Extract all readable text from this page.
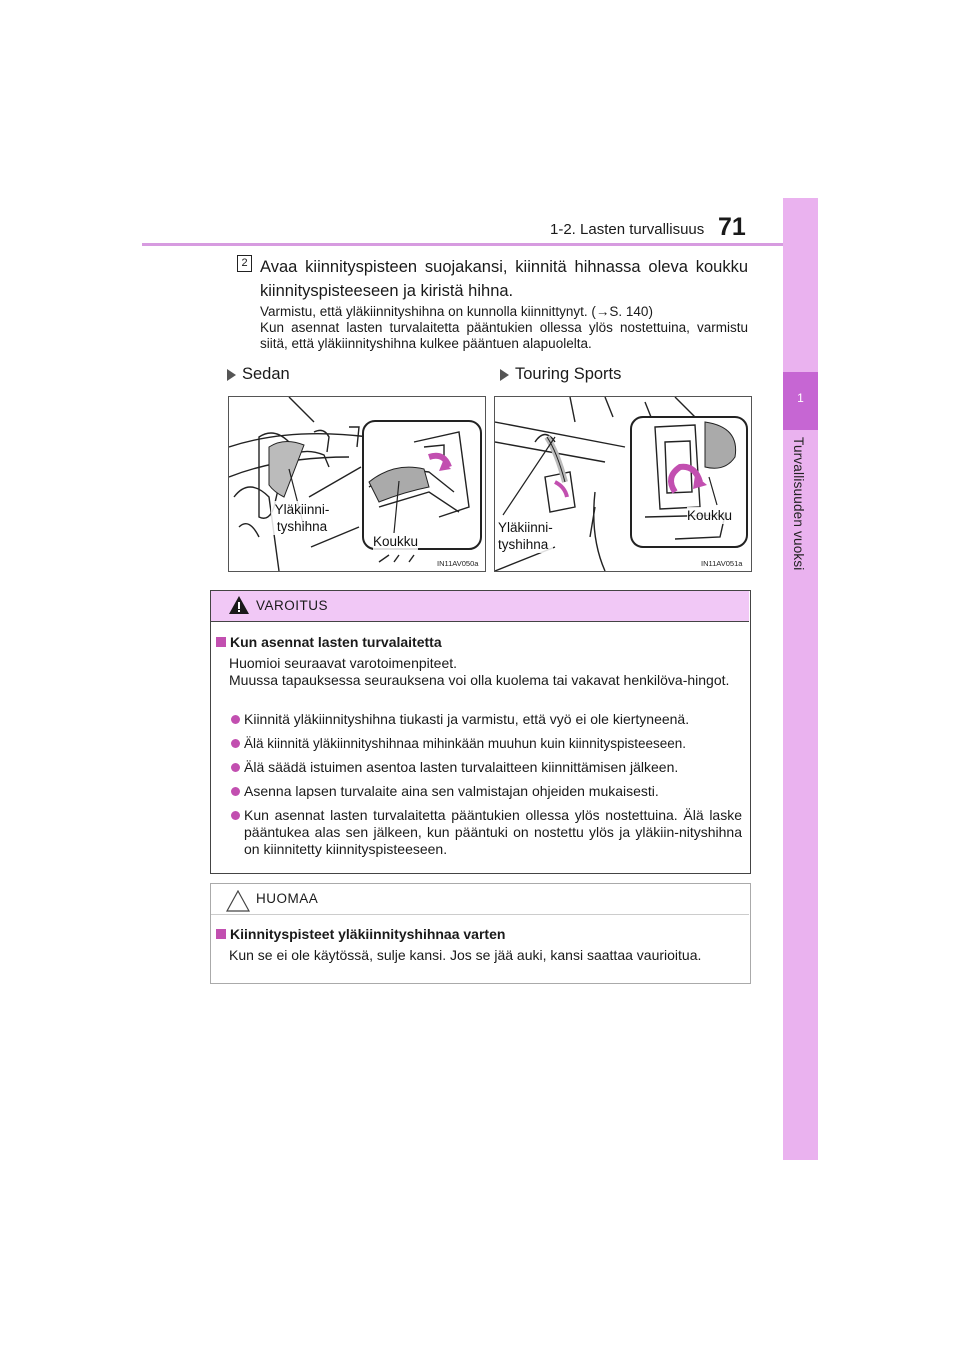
1-2. Lasten turvallisuus 71
1
Turvallisuuden vuoksi
2 Avaa kiinnityspisteen suojakansi, kiinnitä hihnassa oleva koukku kiinnityspisteeseen ja kiristä hihna.
Varmistu, että yläkiinnityshihna on kunnolla kiinnittynyt. (→S. 140)
Kun asennat lasten turvalaitetta pääntukien ollessa ylös nostettuina, varmistu siitä, että yläkiinnityshihna kulkee pääntuen alapuolelta.
Sedan	Touring Sports
Yläkiinni-
tyshihna
Koukku
IN11AV050a
Yläkiinni-
tyshihna
Koukku
IN11AV051a
VAROITUS
Kun asennat lasten turvalaitetta
Huomioi seuraavat varotoimenpiteet.
Muussa tapauksessa seurauksena voi olla kuolema tai vakavat henkilöva-hingot.
Kiinnitä yläkiinnityshihna tiukasti ja varmistu, että vyö ei ole kiertyneenä.
Älä kiinnitä yläkiinnityshihnaa mihinkään muuhun kuin kiinnityspisteeseen.
Älä säädä istuimen asentoa lasten turvalaitteen kiinnittämisen jälkeen.
Asenna lapsen turvalaite aina sen valmistajan ohjeiden mukaisesti.
Kun asennat lasten turvalaitetta pääntukien ollessa ylös nostettuina. Älä laske pääntukea alas sen jälkeen, kun pääntuki on nostettu ylös ja yläkiin-nityshihna on kiinnitetty kiinnityspisteeseen.
HUOMAA
Kiinnityspisteet yläkiinnityshihnaa varten
Kun se ei ole käytössä, sulje kansi. Jos se jää auki, kansi saattaa vaurioitua.
